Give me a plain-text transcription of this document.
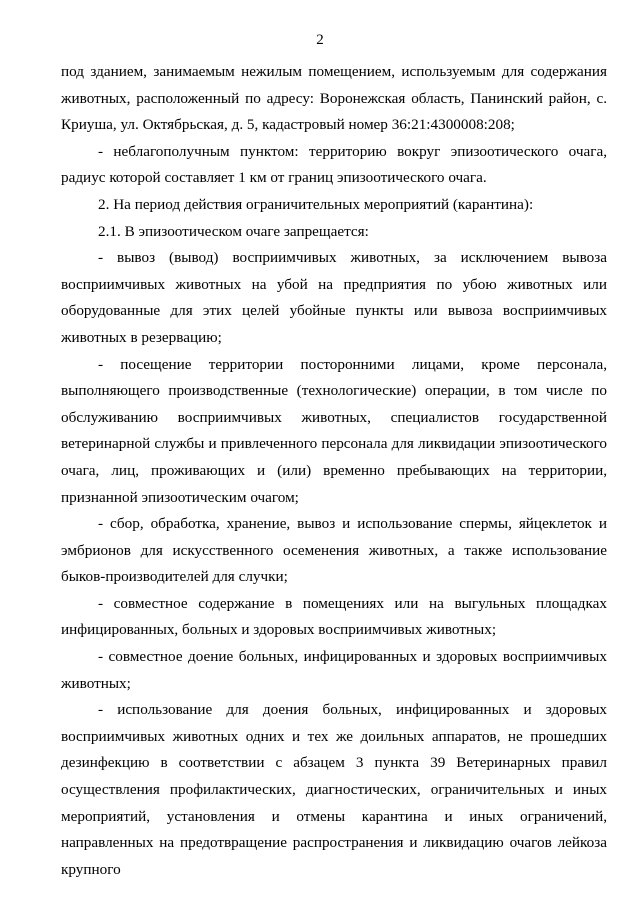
2

под зданием, занимаемым нежилым помещением, используемым для содержания животных, расположенный по адресу: Воронежская область, Панинский район, с. Криуша, ул. Октябрьская, д. 5, кадастровый номер 36:21:4300008:208;

- неблагополучным пунктом: территорию вокруг эпизоотического очага, радиус которой составляет 1 км от границ эпизоотического очага.

2. На период действия ограничительных мероприятий (карантина):

2.1. В эпизоотическом очаге запрещается:

- вывоз (вывод) восприимчивых животных, за исключением вывоза восприимчивых животных на убой на предприятия по убою животных или оборудованные для этих целей убойные пункты или вывоза восприимчивых животных в резервацию;

- посещение территории посторонними лицами, кроме персонала, выполняющего производственные (технологические) операции, в том числе по обслуживанию восприимчивых животных, специалистов государственной ветеринарной службы и привлеченного персонала для ликвидации эпизоотического очага, лиц, проживающих и (или) временно пребывающих на территории, признанной эпизоотическим очагом;

- сбор, обработка, хранение, вывоз и использование спермы, яйцеклеток и эмбрионов для искусственного осеменения животных, а также использование быков-производителей для случки;

- совместное содержание в помещениях или на выгульных площадках инфицированных, больных и здоровых восприимчивых животных;

- совместное доение больных, инфицированных и здоровых восприимчивых животных;

- использование для доения больных, инфицированных и здоровых восприимчивых животных одних и тех же доильных аппаратов, не прошедших дезинфекцию в соответствии с абзацем 3 пункта 39 Ветеринарных правил осуществления профилактических, диагностических, ограничительных и иных мероприятий, установления и отмены карантина и иных ограничений, направленных на предотвращение распространения и ликвидацию очагов лейкоза крупного
